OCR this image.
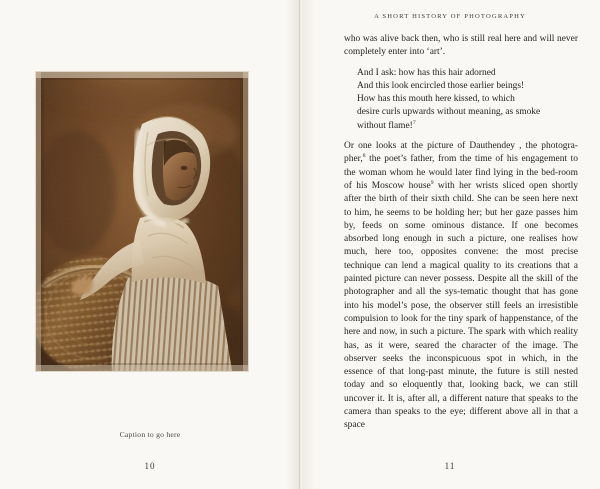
Caption to go here
10
A SHORT HISTORY OF PHOTOGRAPHY

who was alive back then, who is still real here and will never completely enter into ‘art’.

And I ask: how has this hair adorned
And this look encircled those earlier beings!
How has this mouth here kissed, to which
desire curls upwards without meaning, as smoke
without flame!$^7$

Or one looks at the picture of Dauthendey , the photogra-pher,$^8$ the poet’s father, from the time of his engagement to the woman whom he would later find lying in the bed-room of his Moscow house$^9$ with her wrists sliced open shortly after the birth of their sixth child. She can be seen here next to him, he seems to be holding her; but her gaze passes him by, feeds on some ominous distance. If one becomes absorbed long enough in such a picture, one realises how much, here too, opposites convene: the most precise technique can lend a magical quality to its creations that a painted picture can never possess. Despite all the skill of the photographer and all the sys-tematic thought that has gone into his model’s pose, the observer still feels an irresistible compulsion to look for the tiny spark of happenstance, of the here and now, in such a picture. The spark with which reality has, as it were, seared the character of the image. The observer seeks the inconspicuous spot in which, in the essence of that long-past minute, the future is still nested today and so eloquently that, looking back, we can still uncover it. It is, after all, a different nature that speaks to the camera than speaks to the eye; different above all in that a space

11
